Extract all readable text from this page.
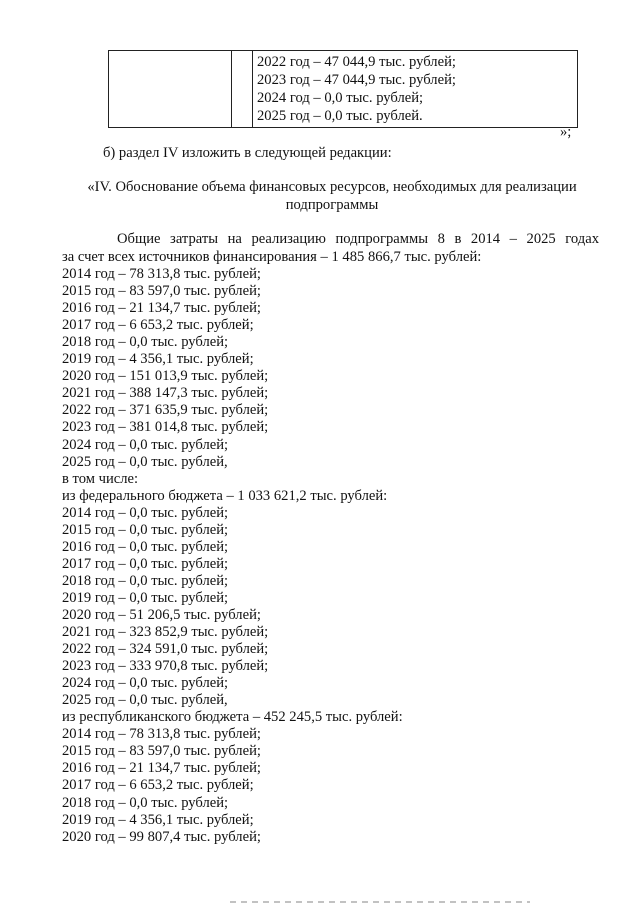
2022 год – 47 044,9 тыс. рублей;
2023 год – 47 044,9 тыс. рублей;
2024 год – 0,0 тыс. рублей;
2025 год – 0,0 тыс. рублей.
»;
б) раздел IV изложить в следующей редакции:
«IV. Обоснование объема финансовых ресурсов, необходимых для реализации подпрограммы
Общие затраты на реализацию подпрограммы 8 в 2014 – 2025 годах
за счет всех источников финансирования – 1 485 866,7 тыс. рублей:
2014 год – 78 313,8 тыс. рублей;
2015 год – 83 597,0 тыс. рублей;
2016 год – 21 134,7 тыс. рублей;
2017 год – 6 653,2 тыс. рублей;
2018 год – 0,0 тыс. рублей;
2019 год – 4 356,1 тыс. рублей;
2020 год – 151 013,9 тыс. рублей;
2021 год – 388 147,3 тыс. рублей;
2022 год – 371 635,9 тыс. рублей;
2023 год – 381 014,8 тыс. рублей;
2024 год – 0,0 тыс. рублей;
2025 год – 0,0 тыс. рублей,
в том числе:
из федерального бюджета – 1 033 621,2 тыс. рублей:
2014 год – 0,0 тыс. рублей;
2015 год – 0,0 тыс. рублей;
2016 год – 0,0 тыс. рублей;
2017 год – 0,0 тыс. рублей;
2018 год – 0,0 тыс. рублей;
2019 год – 0,0 тыс. рублей;
2020 год – 51 206,5 тыс. рублей;
2021 год – 323 852,9 тыс. рублей;
2022 год – 324 591,0 тыс. рублей;
2023 год – 333 970,8 тыс. рублей;
2024 год – 0,0 тыс. рублей;
2025 год – 0,0 тыс. рублей,
из республиканского бюджета – 452 245,5 тыс. рублей:
2014 год – 78 313,8 тыс. рублей;
2015 год – 83 597,0 тыс. рублей;
2016 год – 21 134,7 тыс. рублей;
2017 год – 6 653,2 тыс. рублей;
2018 год – 0,0 тыс. рублей;
2019 год – 4 356,1 тыс. рублей;
2020 год – 99 807,4 тыс. рублей;
